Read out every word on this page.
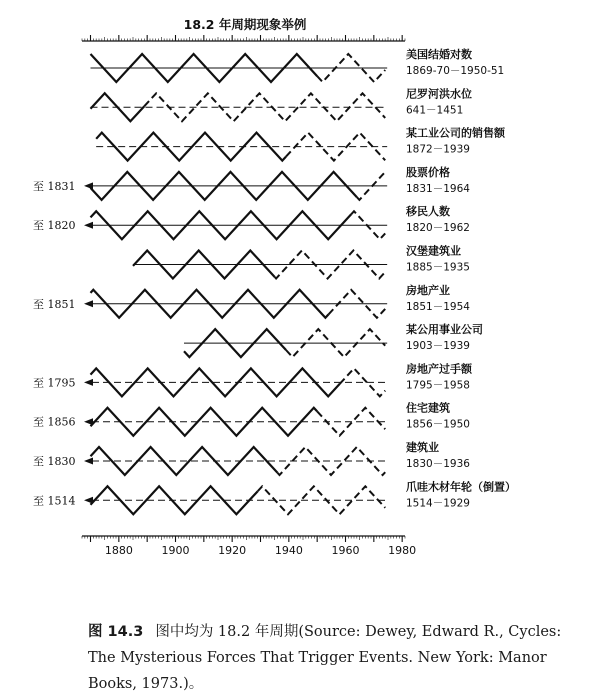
18.2 年周期现象举例
美国结婚对数
1869-70－1950-51
尼罗河洪水位
641－1451
某工业公司的销售额
1872－1939
至 1831
股票价格
1831－1964
至 1820
移民人数
1820－1962
汉堡建筑业
1885－1935
至 1851
房地产业
1851－1954
某公用事业公司
1903－1939
至 1795
房地产过手额
1795－1958
至 1856
住宅建筑
1856－1950
至 1830
建筑业
1830－1936
至 1514
爪哇木材年轮（倒置）
1514－1929
1880	1900	1920	1940	1960	1980
图 14.3 图中均为 18.2 年周期(Source: Dewey, Edward R., Cycles: The Mysterious Forces That Trigger Events. New York: Manor Books, 1973.)。
